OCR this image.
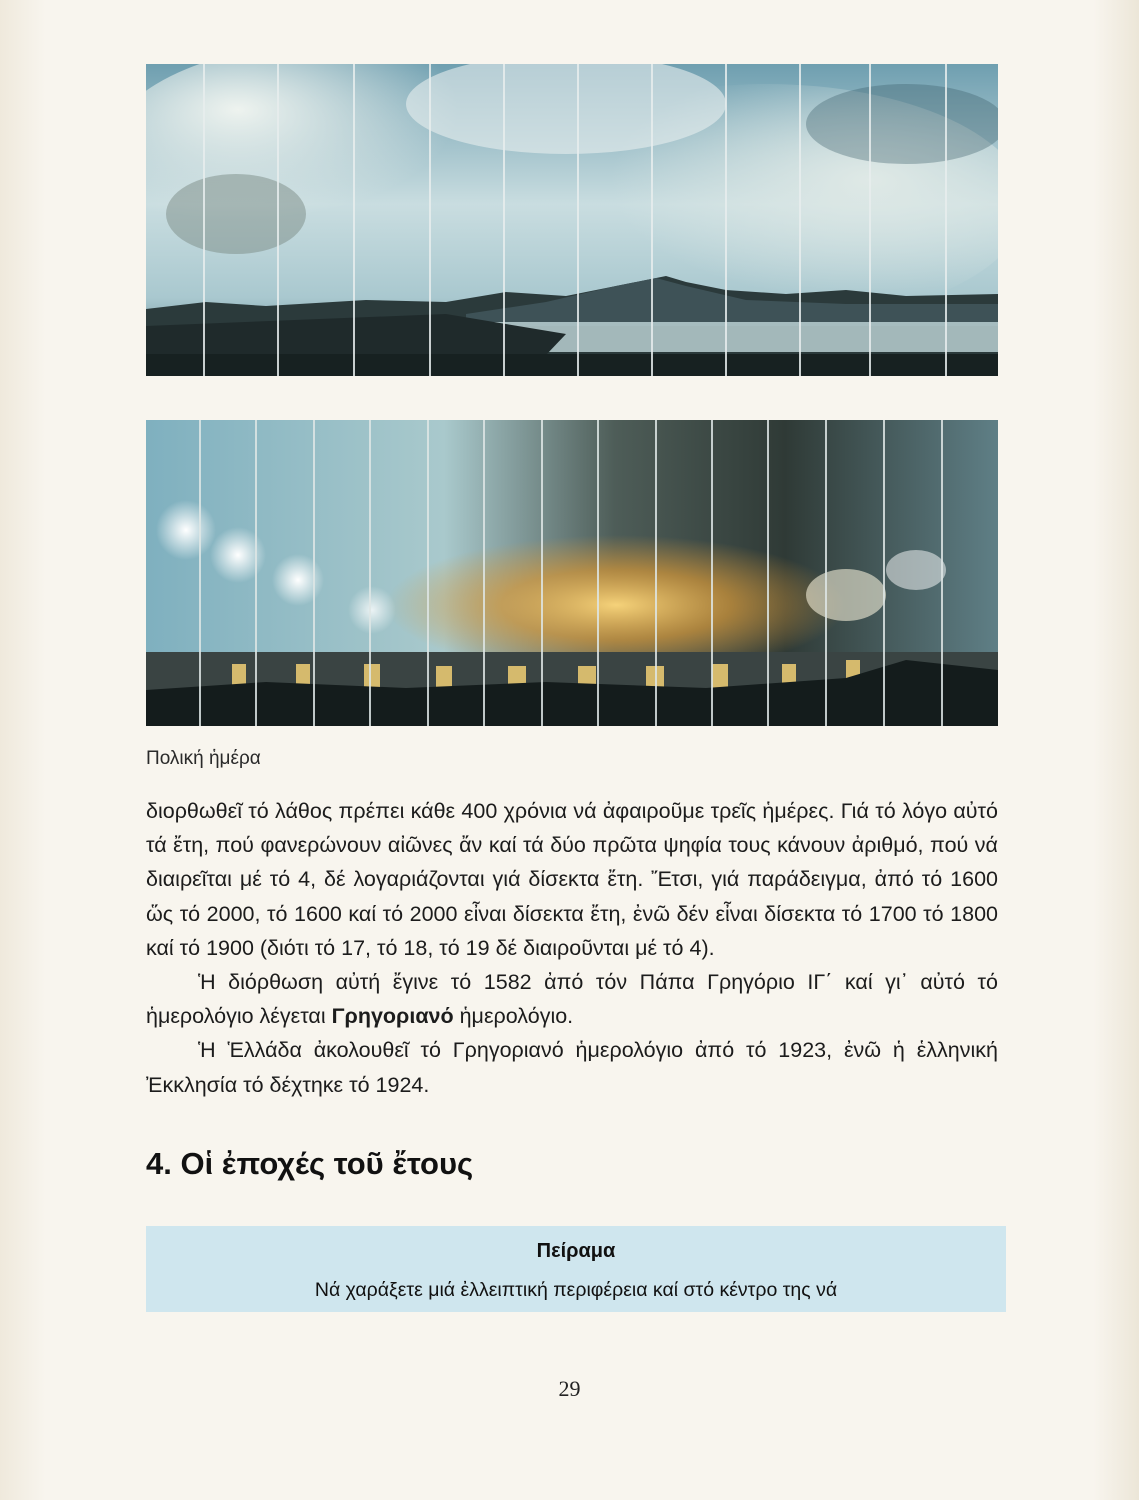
Πολική ἡμέρα

διορθωθεῖ τό λάθος πρέπει κάθε 400 χρόνια νά ἀφαιροῦμε τρεῖς ἡμέρες. Γιά τό λόγο αὐτό τά ἔτη, πού φανερώνουν αἰῶνες ἄν καί τά δύο πρῶτα ψηφία τους κάνουν ἀριθμό, πού νά διαιρεῖται μέ τό 4, δέ λογαριάζονται γιά δίσεκτα ἔτη. Ἔτσι, γιά παράδειγμα, ἀπό τό 1600 ὥς τό 2000, τό 1600 καί τό 2000 εἶναι δίσεκτα ἔτη, ἐνῶ δέν εἶναι δίσεκτα τό 1700 τό 1800 καί τό 1900 (διότι τό 17, τό 18, τό 19 δέ διαιροῦνται μέ τό 4).

Ἡ διόρθωση αὐτή ἔγινε τό 1582 ἀπό τόν Πάπα Γρηγόριο ΙΓ΄ καί γι᾽ αὐτό τό ἡμερολόγιο λέγεται Γρηγοριανό ἡμερολόγιο.

Ἡ Ἑλλάδα ἀκολουθεῖ τό Γρηγοριανό ἡμερολόγιο ἀπό τό 1923, ἐνῶ ἡ ἑλληνική Ἐκκλησία τό δέχτηκε τό 1924.

4. Οἱ ἐποχές τοῦ ἔτους
Πείραμα
Νά χαράξετε μιά ἐλλειπτική περιφέρεια καί στό κέντρο της νά
29
